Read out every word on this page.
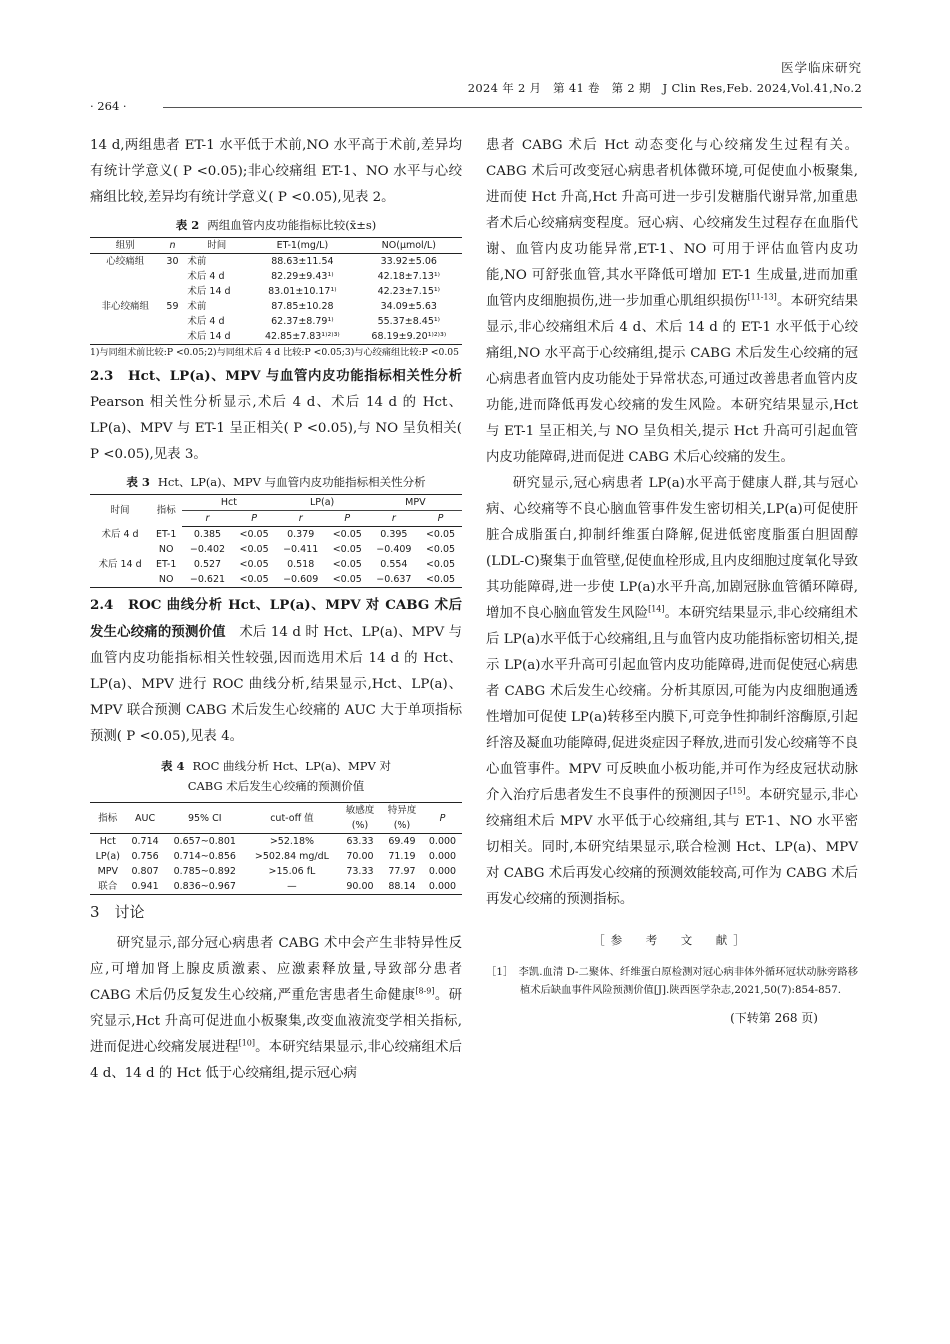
医学临床研究
2024 年 2 月　第 41 卷　第 2 期　J Clin Res,Feb. 2024,Vol.41,No.2
· 264 ·

14 d,两组患者 ET-1 水平低于术前,NO 水平高于术前,差异均有统计学意义( P <0.05);非心绞痛组 ET-1、NO 水平与心绞痛组比较,差异均有统计学意义( P <0.05),见表 2。

表 2 两组血管内皮功能指标比较(x̄±s)
组别	n	时间	ET-1(mg/L)	NO(μmol/L)
心绞痛组	30	术前	88.63±11.54	33.92±5.06
		术后 4 d	82.29±9.43¹⁾	42.18±7.13¹⁾
		术后 14 d	83.01±10.17¹⁾	42.23±7.15¹⁾
非心绞痛组	59	术前	87.85±10.28	34.09±5.63
		术后 4 d	62.37±8.79¹⁾	55.37±8.45¹⁾
		术后 14 d	42.85±7.83¹⁾²⁾³⁾	68.19±9.20¹⁾²⁾³⁾
1)与同组术前比较:P <0.05;2)与同组术后 4 d 比较:P <0.05;3)与心绞痛组比较:P <0.05

2.3　Hct、LP(a)、MPV 与血管内皮功能指标相关性分析　Pearson 相关性分析显示,术后 4 d、术后 14 d 的 Hct、LP(a)、MPV 与 ET-1 呈正相关( P <0.05),与 NO 呈负相关( P <0.05),见表 3。

表 3 Hct、LP(a)、MPV 与血管内皮功能指标相关性分析
时间	指标	Hct		LP(a)		MPV	
		r	P	r	P	r	P
术后 4 d	ET-1	0.385	<0.05	0.379	<0.05	0.395	<0.05
	NO	−0.402	<0.05	−0.411	<0.05	−0.409	<0.05
术后 14 d	ET-1	0.527	<0.05	0.518	<0.05	0.554	<0.05
	NO	−0.621	<0.05	−0.609	<0.05	−0.637	<0.05

2.4　ROC 曲线分析 Hct、LP(a)、MPV 对 CABG 术后发生心绞痛的预测价值　 术后 14 d 时 Hct、LP(a)、MPV 与血管内皮功能指标相关性较强,因而选用术后 14 d 的 Hct、LP(a)、MPV 进行 ROC 曲线分析,结果显示,Hct、LP(a)、MPV 联合预测 CABG 术后发生心绞痛的 AUC 大于单项指标预测( P <0.05),见表 4。

表 4 ROC 曲线分析 Hct、LP(a)、MPV 对
CABG 术后发生心绞痛的预测价值
指标	AUC	95% CI	cut-off 值	敏感度(%)	特异度(%)	P
Hct	0.714	0.657~0.801	>52.18%	63.33	69.49	0.000
LP(a)	0.756	0.714~0.856	>502.84 mg/dL	70.00	71.19	0.000
MPV	0.807	0.785~0.892	>15.06 fL	73.33	77.97	0.000
联合	0.941	0.836~0.967	—	90.00	88.14	0.000
3　讨论

研究显示,部分冠心病患者 CABG 术中会产生非特异性反应,可增加肾上腺皮质激素、应激素释放量,导致部分患者 CABG 术后仍反复发生心绞痛,严重危害患者生命健康[8-9]。研究显示,Hct 升高可促进血小板聚集,改变血液流变学相关指标,进而促进心绞痛发展进程[10]。本研究结果显示,非心绞痛组术后 4 d、14 d 的 Hct 低于心绞痛组,提示冠心病

患者 CABG 术后 Hct 动态变化与心绞痛发生过程有关。CABG 术后可改变冠心病患者机体微环境,可促使血小板聚集,进而使 Hct 升高,Hct 升高可进一步引发糖脂代谢异常,加重患者术后心绞痛病变程度。冠心病、心绞痛发生过程存在血脂代谢、血管内皮功能异常,ET-1、NO 可用于评估血管内皮功能,NO 可舒张血管,其水平降低可增加 ET-1 生成量,进而加重血管内皮细胞损伤,进一步加重心肌组织损伤[11-13]。本研究结果显示,非心绞痛组术后 4 d、术后 14 d 的 ET-1 水平低于心绞痛组,NO 水平高于心绞痛组,提示 CABG 术后发生心绞痛的冠心病患者血管内皮功能处于异常状态,可通过改善患者血管内皮功能,进而降低再发心绞痛的发生风险。本研究结果显示,Hct 与 ET-1 呈正相关,与 NO 呈负相关,提示 Hct 升高可引起血管内皮功能障碍,进而促进 CABG 术后心绞痛的发生。

研究显示,冠心病患者 LP(a)水平高于健康人群,其与冠心病、心绞痛等不良心脑血管事件发生密切相关,LP(a)可促使肝脏合成脂蛋白,抑制纤维蛋白降解,促进低密度脂蛋白胆固醇(LDL-C)聚集于血管壁,促使血栓形成,且内皮细胞过度氧化导致其功能障碍,进一步使 LP(a)水平升高,加剧冠脉血管循环障碍,增加不良心脑血管发生风险[14]。本研究结果显示,非心绞痛组术后 LP(a)水平低于心绞痛组,且与血管内皮功能指标密切相关,提示 LP(a)水平升高可引起血管内皮功能障碍,进而促使冠心病患者 CABG 术后发生心绞痛。分析其原因,可能为内皮细胞通透性增加可促使 LP(a)转移至内膜下,可竞争性抑制纤溶酶原,引起纤溶及凝血功能障碍,促进炎症因子释放,进而引发心绞痛等不良心血管事件。MPV 可反映血小板功能,并可作为经皮冠状动脉介入治疗后患者发生不良事件的预测因子[15]。本研究显示,非心绞痛组术后 MPV 水平低于心绞痛组,其与 ET-1、NO 水平密切相关。同时,本研究结果显示,联合检测 Hct、LP(a)、MPV 对 CABG 术后再发心绞痛的预测效能较高,可作为 CABG 术后再发心绞痛的预测指标。

［参　考　文　献］
［1］　李凯.血清 D-二聚体、纤维蛋白原检测对冠心病非体外循环冠状动脉旁路移植术后缺血事件风险预测价值[J].陕西医学杂志,2021,50(7):854-857.
(下转第 268 页)
